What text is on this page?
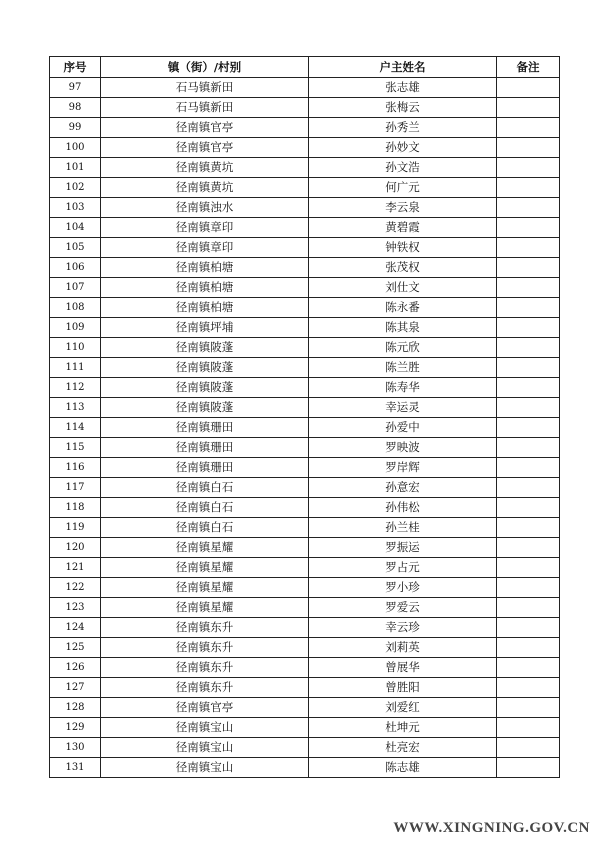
序号	镇（街）/村别	户主姓名	备注
97	石马镇新田	张志雄	
98	石马镇新田	张梅云	
99	径南镇官亭	孙秀兰	
100	径南镇官亭	孙妙文	
101	径南镇黄坑	孙文浩	
102	径南镇黄坑	何广元	
103	径南镇浊水	李云泉	
104	径南镇章印	黄碧霞	
105	径南镇章印	钟铁权	
106	径南镇柏塘	张茂权	
107	径南镇柏塘	刘仕文	
108	径南镇柏塘	陈永番	
109	径南镇坪埔	陈其泉	
110	径南镇陂蓬	陈元欣	
111	径南镇陂蓬	陈兰胜	
112	径南镇陂蓬	陈寿华	
113	径南镇陂蓬	幸运灵	
114	径南镇珊田	孙爱中	
115	径南镇珊田	罗映波	
116	径南镇珊田	罗岸辉	
117	径南镇白石	孙意宏	
118	径南镇白石	孙伟松	
119	径南镇白石	孙兰桂	
120	径南镇星耀	罗振运	
121	径南镇星耀	罗占元	
122	径南镇星耀	罗小珍	
123	径南镇星耀	罗爱云	
124	径南镇东升	幸云珍	
125	径南镇东升	刘莉英	
126	径南镇东升	曾展华	
127	径南镇东升	曾胜阳	
128	径南镇官亭	刘爱红	
129	径南镇宝山	杜坤元	
130	径南镇宝山	杜亮宏	
131	径南镇宝山	陈志雄	
WWW.XINGNING.GOV.CN
